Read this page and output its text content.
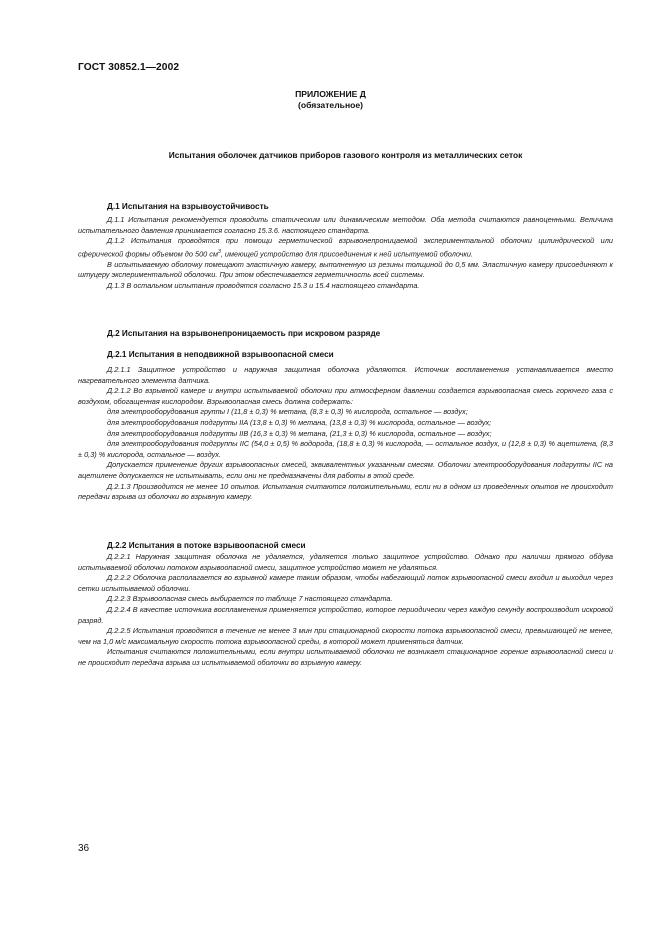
ГОСТ 30852.1—2002
ПРИЛОЖЕНИЕ Д
(обязательное)
Испытания оболочек датчиков приборов газового контроля из металлических сеток
Д.1 Испытания на взрывоустойчивость

Д.1.1 Испытания рекомендуется проводить статическим или динамическим методом. Оба метода считаются равноценными. Величина испытательного давления принимается согласно 15.3.6. настоящего стандарта.

Д.1.2 Испытания проводятся при помощи герметической взрывонепроницаемой экспериментальной оболочки цилиндрической или сферической формы объемом до 500 $см^3$, имеющей устройство для присоединения к ней испытуемой оболочки.

В испытываемую оболочку помещают эластичную камеру, выполненную из резины толщиной до 0,5 мм. Эластичную камеру присоединяют к штуцеру экспериментальной оболочки. При этом обеспечивается герметичность всей системы.

Д.1.3 В остальном испытания проводятся согласно 15.3 и 15.4 настоящего стандарта.

Д.2 Испытания на взрывонепроницаемость при искровом разряде
Д.2.1 Испытания в неподвижной взрывоопасной смеси

Д.2.1.1 Защитное устройство и наружная защитная оболочка удаляются. Источник воспламенения устанавливается вместо нагревательного элемента датчика.

Д.2.1.2 Во взрывной камере и внутри испытываемой оболочки при атмосферном давлении создается взрывоопасная смесь горючего газа с воздухом, обогащенная кислородом. Взрывоопасная смесь должна содержать:

для электрооборудования группы I (11,8 ± 0,3) % метана, (8,3 ± 0,3) % кислорода, остальное — воздух;

для электрооборудования подгруппы IIA (13,8 ± 0,3) % метана, (13,8 ± 0,3) % кислорода, остальное — воздух;

для электрооборудования подгруппы IIB (16,3 ± 0,3) % метана, (21,3 ± 0,3) % кислорода, остальное — воздух;

для электрооборудования подгруппы IIC (54,0 ± 0,5) % водорода, (18,8 ± 0,3) % кислорода, — остальное воздух, и (12,8 ± 0,3) % ацетилена, (8,3 ± 0,3) % кислорода, остальное — воздух.

Допускается применение других взрывоопасных смесей, эквивалентных указанным смесям. Оболочки электрооборудования подгруппы IIC на ацетилене допускается не испытывать, если они не предназначены для работы в этой среде.

Д.2.1.3 Производится не менее 10 опытов. Испытания считаются положительными, если ни в одном из проведенных опытов не происходит передачи взрыва из оболочки во взрывную камеру.

Д.2.2 Испытания в потоке взрывоопасной смеси

Д.2.2.1 Наружная защитная оболочка не удаляется, удаляется только защитное устройство. Однако при наличии прямого обдува испытываемой оболочки потоком взрывоопасной смеси, защитное устройство может не удаляться.

Д.2.2.2 Оболочка располагается во взрывной камере таким образом, чтобы набегающий поток взрывоопасной смеси входил и выходил через сетки испытываемой оболочки.

Д.2.2.3 Взрывоопасная смесь выбирается по таблице 7 настоящего стандарта.

Д.2.2.4 В качестве источника воспламенения применяется устройство, которое периодически через каждую секунду воспроизводит искровой разряд.

Д.2.2.5 Испытания проводятся в течение не менее 3 мин при стационарной скорости потока взрывоопасной смеси, превышающей не менее, чем на 1,0 м/с максимальную скорость потока взрывоопасной среды, в которой может применяться датчик.

Испытания считаются положительными, если внутри испытываемой оболочки не возникает стационарное горение взрывоопасной смеси и не происходит передача взрыва из испытываемой оболочки во взрывную камеру.

36
